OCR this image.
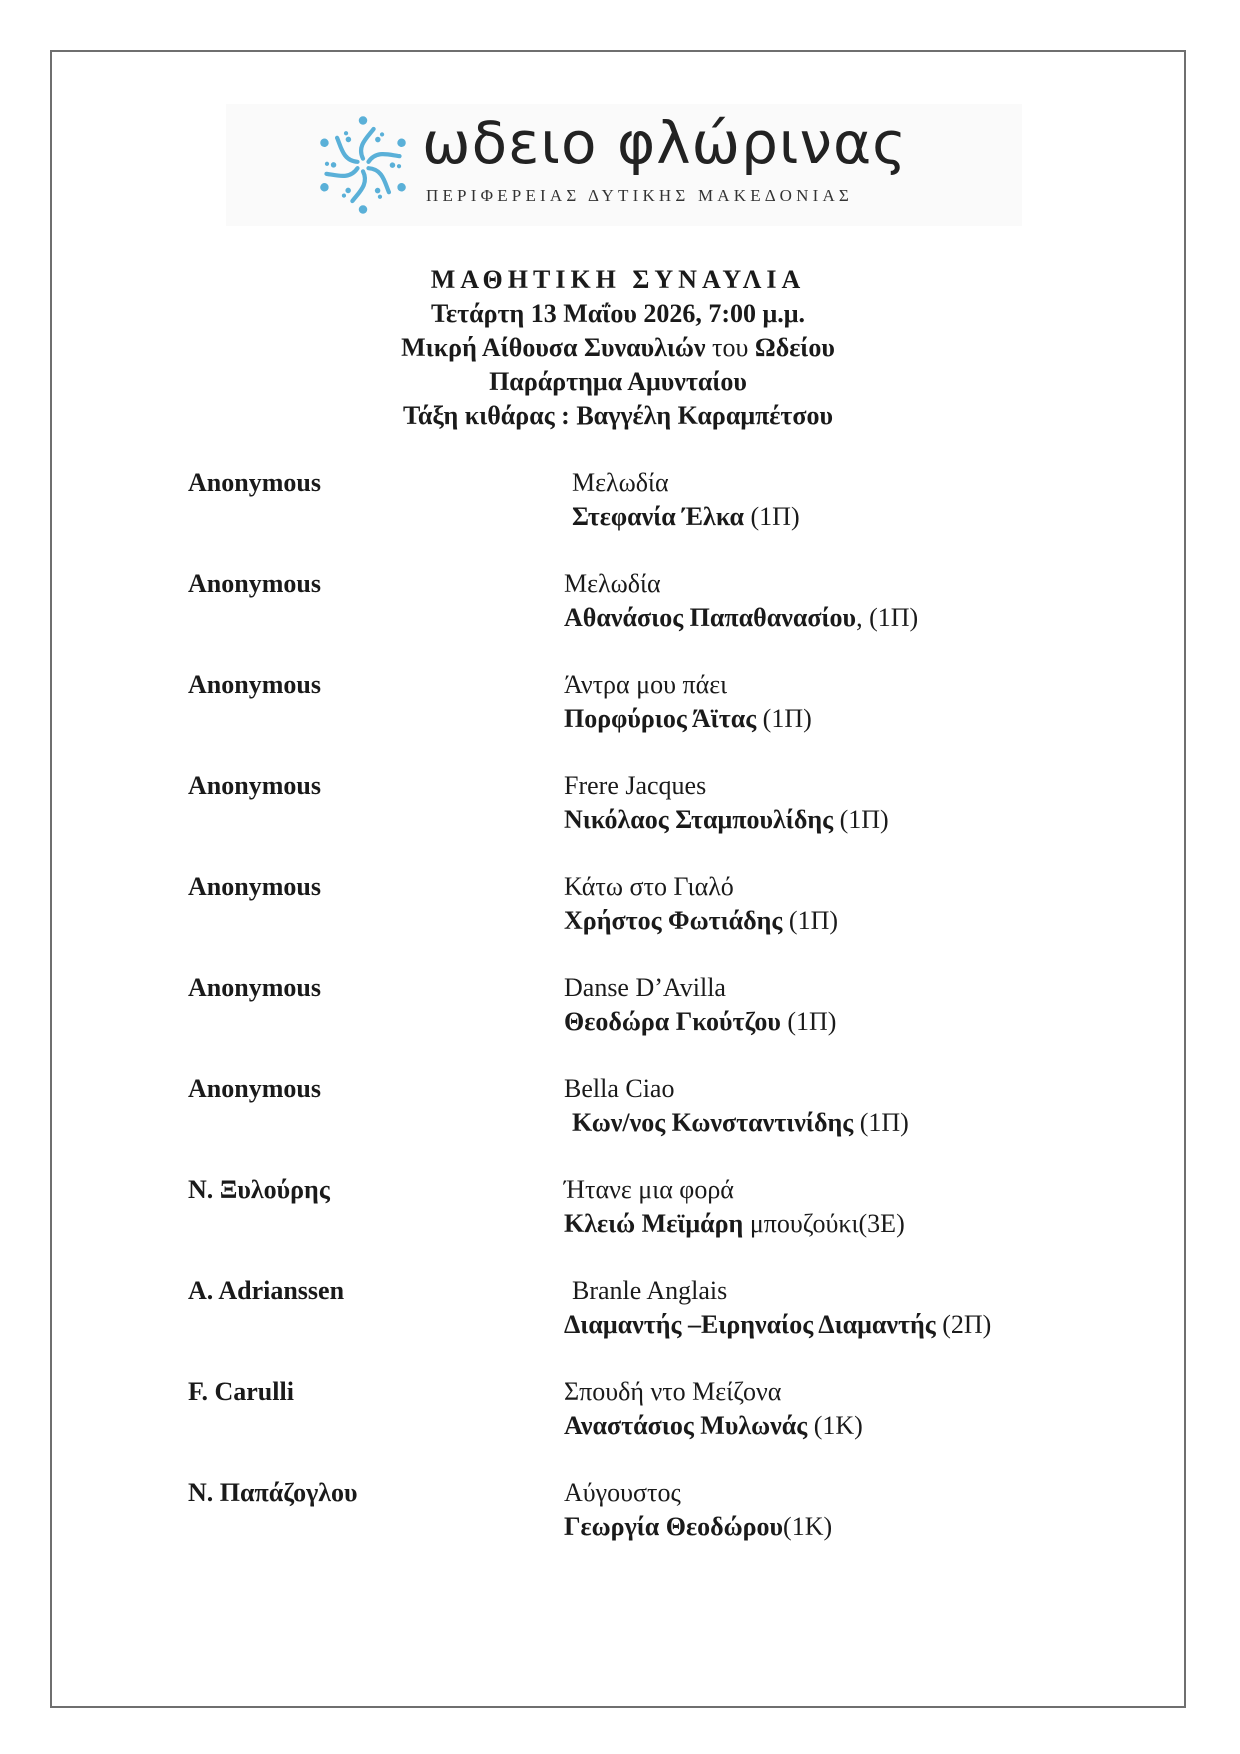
ωδειο φλώρινας
ΠΕΡΙΦΕΡΕΙΑΣ ΔΥΤΙΚΗΣ ΜΑΚΕΔΟΝΙΑΣ
ΜΑΘΗΤΙΚΗ ΣΥΝΑΥΛΙΑ
Τετάρτη 13 Μαΐου 2026, 7:00 μ.μ.
Μικρή Αίθουσα Συναυλιών του Ωδείου
Παράρτημα Αμυνταίου
Τάξη κιθάρας : Βαγγέλη Καραμπέτσου
Anonymous	Μελωδία
Στεφανία Έλκα (1Π)
Anonymous	Μελωδία
Αθανάσιος Παπαθανασίου, (1Π)
Anonymous	Άντρα μου πάει
Πορφύριος Άϊτας (1Π)
Anonymous	Frere Jacques
Νικόλαος Σταμπουλίδης (1Π)
Anonymous	Κάτω στο Γιαλό
Χρήστος Φωτιάδης (1Π)
Anonymous	Danse D’Avilla
Θεοδώρα Γκούτζου (1Π)
Anonymous	Bella Ciao
Κων/νος Κωνσταντινίδης (1Π)
N. Ξυλούρης	Ήτανε μια φορά
Κλειώ Μεϊμάρη μπουζούκι(3Ε)
A. Adrianssen	Branle Anglais
Διαμαντής –Ειρηναίος Διαμαντής (2Π)
F. Carulli	Σπουδή ντο Μείζονα
Αναστάσιος Μυλωνάς (1Κ)
N. Παπάζογλου	Αύγουστος
Γεωργία Θεοδώρου(1Κ)
